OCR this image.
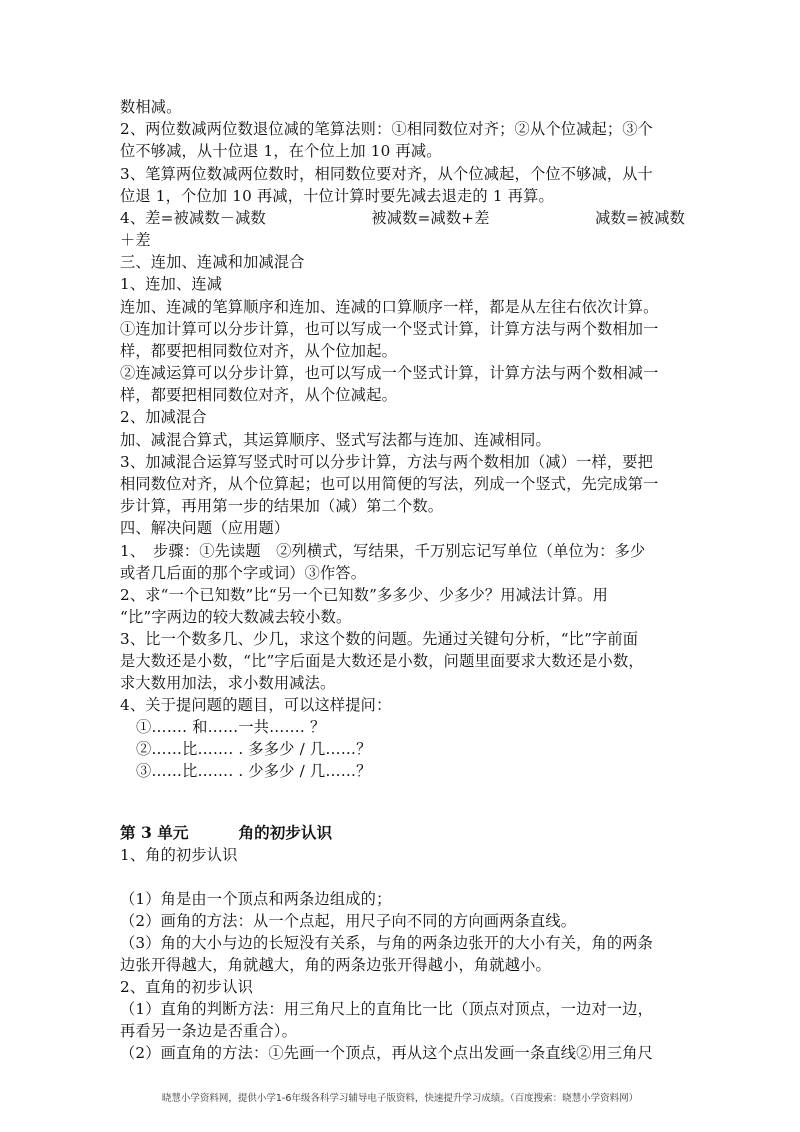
数相减。
2、两位数减两位数退位减的笔算法则：①相同数位对齐；②从个位减起；③个
位不够减，从十位退 1，在个位上加 10 再减。
3、笔算两位数减两位数时，相同数位要对齐，从个位减起，个位不够减，从十
位退 1，个位加 10 再减，十位计算时要先减去退走的 1 再算。
4、差=被减数－减数	被减数=减数+差	减数=被减数
＋差
三、连加、连减和加减混合
1、连加、连减
连加、连减的笔算顺序和连加、连减的口算顺序一样，都是从左往右依次计算。
①连加计算可以分步计算，也可以写成一个竖式计算，计算方法与两个数相加一
样，都要把相同数位对齐，从个位加起。
②连减运算可以分步计算，也可以写成一个竖式计算，计算方法与两个数相减一
样，都要把相同数位对齐，从个位减起。
2、加减混合
加、减混合算式，其运算顺序、竖式写法都与连加、连减相同。
3、加减混合运算写竖式时可以分步计算，方法与两个数相加（减）一样，要把
相同数位对齐，从个位算起；也可以用简便的写法，列成一个竖式，先完成第一
步计算，再用第一步的结果加（减）第二个数。
四、解决问题（应用题）
1、　步骤：①先读题　②列横式，写结果，千万别忘记写单位（单位为：多少
或者几后面的那个字或词）③作答。
2、求“一个已知数”比“另一个已知数”多多少、少多少？用减法计算。用
“比”字两边的较大数减去较小数。
3、比一个数多几、少几，求这个数的问题。先通过关键句分析，“比”字前面
是大数还是小数，“比”字后面是大数还是小数，问题里面要求大数还是小数，
求大数用加法，求小数用减法。
4、关于提问题的题目，可以这样提问：
①……. 和……一共……. ？
②……比……. . 多多少 / 几……？
③……比……. . 少多少 / 几……？
第 3 单元	角的初步认识
1、角的初步认识
（1）角是由一个顶点和两条边组成的；
（2）画角的方法：从一个点起，用尺子向不同的方向画两条直线。
（3）角的大小与边的长短没有关系，与角的两条边张开的大小有关，角的两条
边张开得越大，角就越大，角的两条边张开得越小，角就越小。
2、直角的初步认识
（1）直角的判断方法：用三角尺上的直角比一比（顶点对顶点，一边对一边，
再看另一条边是否重合）。
（2）画直角的方法：①先画一个顶点，再从这个点出发画一条直线②用三角尺
晓慧小学资料网，提供小学1-6年级各科学习辅导电子版资料，快速提升学习成绩。（百度搜索：晓慧小学资料网）
